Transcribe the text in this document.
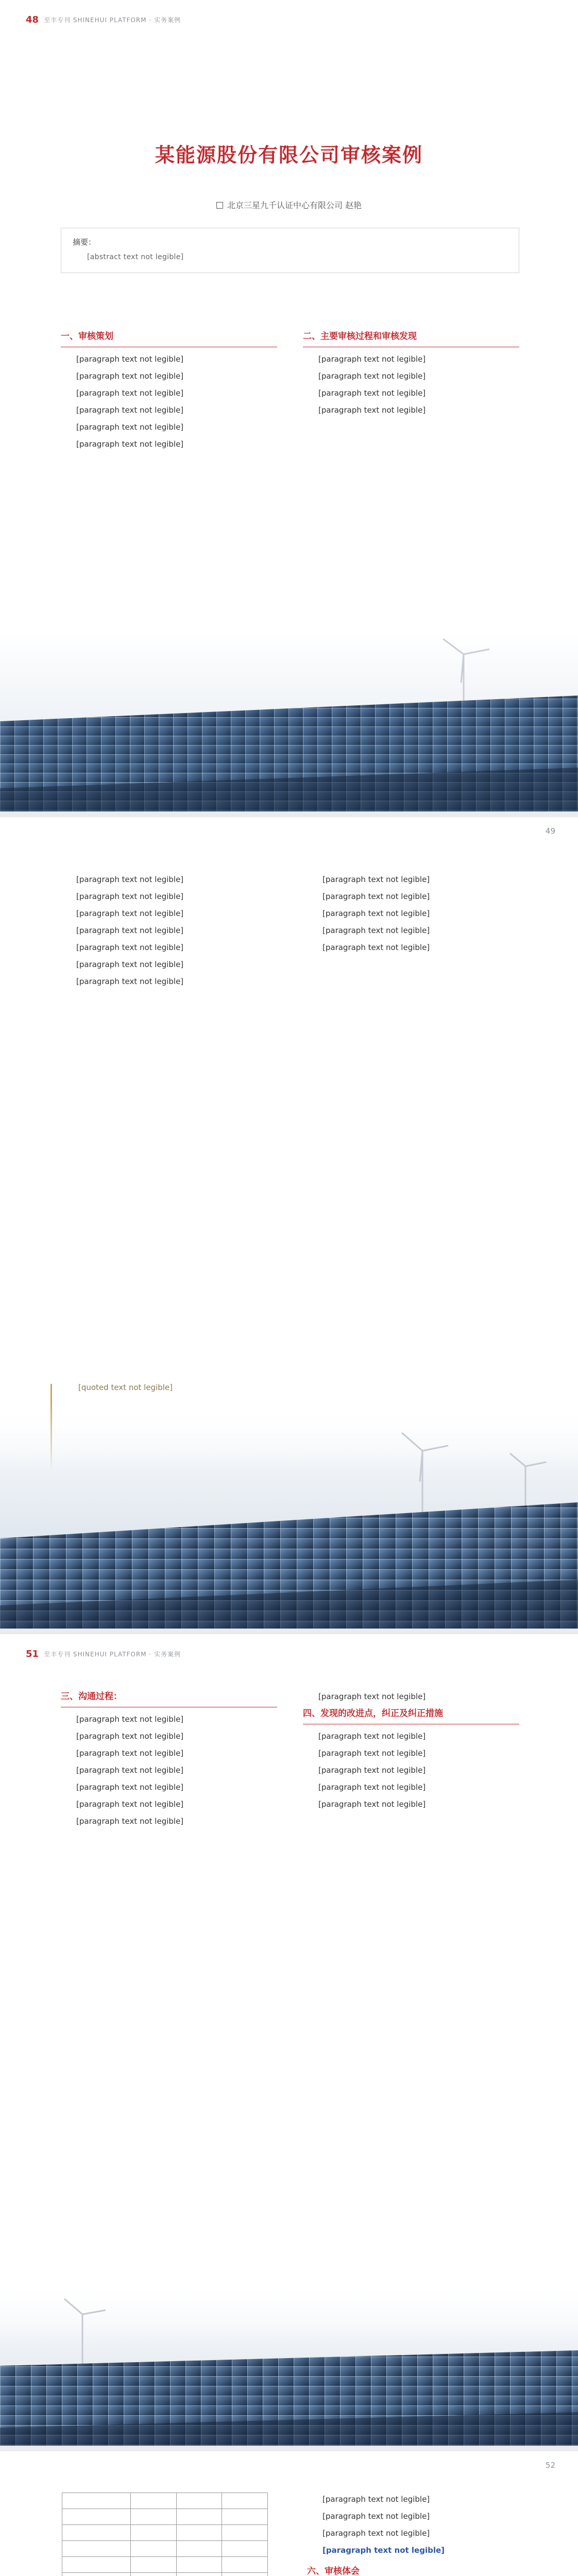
48 至丰专刊 SHINEHUI PLATFORM · 实务案例
某能源股份有限公司审核案例
北京三星九千认证中心有限公司 赵艳

摘要：

[abstract text not legible]

一、审核策划

[paragraph text not legible]

[paragraph text not legible]

[paragraph text not legible]

[paragraph text not legible]

[paragraph text not legible]

[paragraph text not legible]

二、主要审核过程和审核发现

[paragraph text not legible]

[paragraph text not legible]

[paragraph text not legible]

[paragraph text not legible]

49

[paragraph text not legible]

[paragraph text not legible]

[paragraph text not legible]

[paragraph text not legible]

[paragraph text not legible]

[paragraph text not legible]

[paragraph text not legible]

[quoted text not legible]

[paragraph text not legible]

[paragraph text not legible]

[paragraph text not legible]

[paragraph text not legible]

[paragraph text not legible]

51 至丰专刊 SHINEHUI PLATFORM · 实务案例
三、沟通过程：

[paragraph text not legible]

[paragraph text not legible]

[paragraph text not legible]

[paragraph text not legible]

[paragraph text not legible]

[paragraph text not legible]

[paragraph text not legible]

[paragraph text not legible]

四、发现的改进点，纠正及纠正措施

[paragraph text not legible]

[paragraph text not legible]

[paragraph text not legible]

[paragraph text not legible]

[paragraph text not legible]

52

[paragraph text not legible]

[paragraph text not legible]

[paragraph text not legible]

[paragraph text not legible]

六、审核体会
